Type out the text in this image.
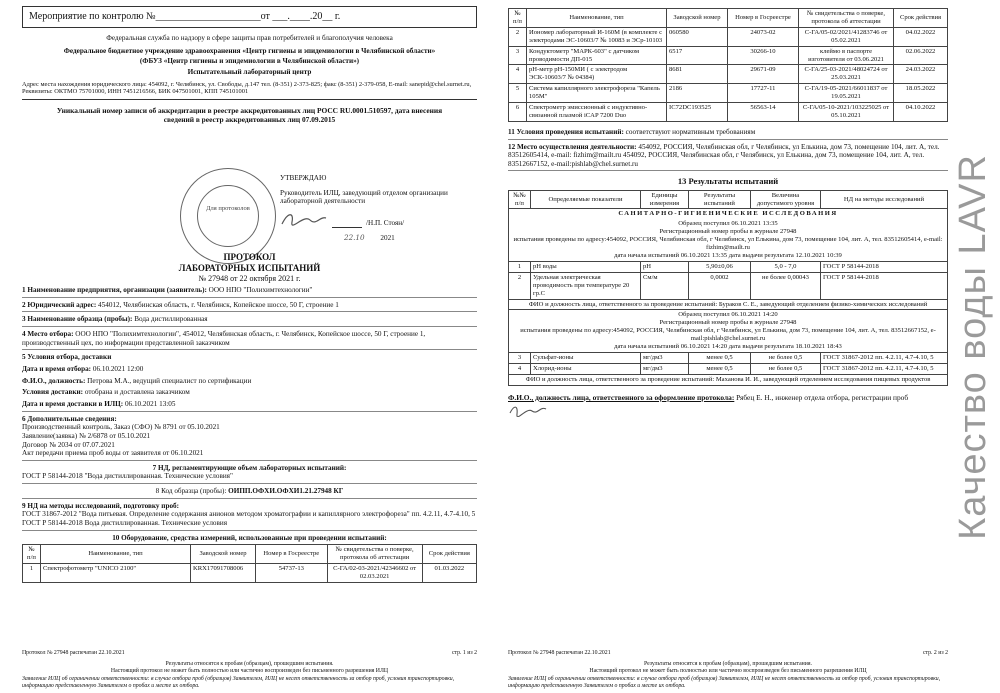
Мероприятие по контролю №_____________________от ___.____.20__ г.
Федеральная служба по надзору в сфере защиты прав потребителей и благополучия человека
Федеральное бюджетное учреждение здравоохранения «Центр гигиены и эпидемиологии в Челябинской области»
(ФБУЗ «Центр гигиены и эпидемиологии в Челябинской области»)
Испытательный лабораторный центр
Адрес места нахождения юридического лица: 454092, г. Челябинск, ул. Свободы, д.147 тел. (8-351) 2-373-825; факс (8-351) 2-379-058, E-mail: sanepid@chel.surnet.ru, Реквизиты: ОКТМО 75701000, ИНН 7451216566, БИК 047501001, КПП 745101001
Уникальный номер записи об аккредитации в реестре аккредитованных лиц РОСС RU.0001.510597, дата внесения сведений в реестр аккредитованных лиц 07.09.2015
Для протоколов
УТВЕРЖДАЮ
Руководитель ИЛЦ, заведующий отделом организации лабораторной деятельности
/Н.П. Стоян/
22.10 2021
ПРОТОКОЛ
ЛАБОРАТОРНЫХ ИСПЫТАНИЙ
№ 27948 от 22 октября 2021 г.
1 Наименование предприятия, организации (заявитель): ООО НПО "Полихимтехнологии"
2 Юридический адрес: 454012, Челябинская область, г. Челябинск, Копейское шоссе, 50 Г, строение 1
3 Наименование образца (пробы): Вода дистиллированная
4 Место отбора: ООО НПО "Полихимтехнологии", 454012, Челябинская область, г. Челябинск, Копейское шоссе, 50 Г, строение 1, производственный цех, по информации представленной заказчиком
5 Условия отбора, доставки
Дата и время отбора: 06.10.2021 12:00
Ф.И.О., должность: Петрова М.А., ведущий специалист по сертификации
Условия доставки: отобрана и доставлена заказчиком
Дата и время доставки в ИЛЦ: 06.10.2021 13:05
6 Дополнительные сведения:
Производственный контроль, Заказ (СФО) № 8791 от 05.10.2021
Заявление(заявка) № 2/6878 от 05.10.2021
Договор № 2034 от 07.07.2021
Акт передачи приема проб воды от заявителя от 06.10.2021
7 НД, регламентирующие объем лабораторных испытаний:
ГОСТ Р 58144-2018 "Вода дистиллированная. Технические условия"
8 Код образца (пробы): ОИПП.ОФХИ.ОФХИ1.21.27948 КГ
9 НД на методы исследований, подготовку проб:
ГОСТ 31867-2012 "Вода питьевая. Определение содержания анионов методом хроматографии и капиллярного электрофореза" пп. 4.2.11, 4.7-4.10, 5
ГОСТ Р 58144-2018 Вода дистиллированная. Технические условия
10 Оборудование, средства измерений, использованные при проведении испытаний:
№ п/п	Наименование, тип	Заводской номер	Номер в Госреестре	№ свидетельства о поверке, протокола об аттестации	Срок действия
1	Спектрофотометр "UNICO 2100"	KRX17091708006	54737-13	С-ГА/02-03-2021/42346602 от 02.03.2021	01.03.2022
Протокол № 27948 распечатан 22.10.2021	стр. 1 из 2
Результаты относятся к пробам (образцам), прошедшим испытания.
Настоящий протокол не может быть полностью или частично воспроизведен без письменного разрешения ИЛЦ
Заявление ИЛЦ об ограничении ответственности: в случае отбора проб (образцов) Заявителем, ИЛЦ не несет ответственность за отбор проб, условия транспортировки, информацию представленную Заявителем о пробах и месте их отбора.
№ п/п	Наименование, тип	Заводской номер	Номер в Госреестре	№ свидетельства о поверке, протокола об аттестации	Срок действия
2	Иономер лабораторный И-160М (в комплекте с электродами ЭС-10603/7 № 10083 и ЭСр-10103	060580	24073-02	С-ГА/05-02/2021/41283746 от 05.02.2021	04.02.2022
3	Кондуктометр "МАРК-603" с датчиком проводимости ДП-015	6517	30266-10	клеймо в паспорте изготовителя от 03.06.2021	02.06.2022
4	pH-метр pH-150МИ ( с электродом ЭСК-10603/7 № 04384)	8681	29671-09	С-ГА/25-03-2021/48024724 от 25.03.2021	24.03.2022
5	Система капиллярного электрофореза "Капель 105М"	2186	17727-11	С-ГА/19-05-2021/66011837 от 19.05.2021	18.05.2022
6	Спектрометр эмиссионный с индуктивно-связанной плазмой iCAP 7200 Duo	IC72DC193525	56563-14	С-ГА/05-10-2021/103225025 от 05.10.2021	04.10.2022
11 Условия проведения испытаний: соответствуют нормативным требованиям
12 Место осуществления деятельности: 454092, РОССИЯ, Челябинская обл, г Челябинск, ул Елькина, дом 73, помещение 104, лит. А, тел. 83512605414, e-mail: fizhim@mailt.ru 454092, РОССИЯ, Челябинская обл, г Челябинск, ул Елькина, дом 73, помещение 104, лит. А, тел. 83512667152, e-mail:pishlab@chel.surnet.ru
13 Результаты испытаний
№№ п/п	Определяемые показатели	Единицы измерения	Результаты испытаний	Величина допустимого уровня	НД на методы исследований
САНИТАРНО-ГИГИЕНИЧЕСКИЕ ИССЛЕДОВАНИЯ					

Образец поступил 06.10.2021 13:35
Регистрационный номер пробы в журнале 27948
испытания проведены по адресу:454092, РОССИЯ, Челябинская обл, г Челябинск, ул Елькина, дом 73, помещение 104, лит. А, тел. 83512605414, e-mail: fizhim@mailt.ru
дата начала испытаний 06.10.2021 13:35 дата выдачи результата 12.10.2021 10:39					

1	pH воды	pH	5,90±0,06	5,0 - 7,0	ГОСТ Р 58144-2018
2	Удельная электрическая проводимость при температуре 20 гр.С	См/м	0,0002	не более 0,00043	ГОСТ Р 58144-2018
ФИО и должность лица, ответственного за проведение испытаний: Бураков С. Е., заведующий отделением физико-химических исследований					

Образец поступил 06.10.2021 14:20
Регистрационный номер пробы в журнале 27948
испытания проведены по адресу:454092, РОССИЯ, Челябинская обл, г Челябинск, ул Елькина, дом 73, помещение 104, лит. А, тел. 83512667152, e-mail:pishlab@chel.surnet.ru
дата начала испытаний 06.10.2021 14:20 дата выдачи результата 18.10.2021 18:43					

3	Сульфат-ионы	мг/дм3	менее 0,5	не более 0,5	ГОСТ 31867-2012 пп. 4.2.11, 4.7-4.10, 5
4	Хлорид-ионы	мг/дм3	менее 0,5	не более 0,5	ГОСТ 31867-2012 пп. 4.2.11, 4.7-4.10, 5
ФИО и должность лица, ответственного за проведение испытаний: Маханова И. И., заведующий отделением исследования пищевых продуктов					
Ф.И.О., должность лица, ответственного за оформление протокола: Рябец Е. Н., инженер отдела отбора, регистрации проб
Протокол № 27948 распечатан 22.10.2021	стр. 2 из 2
Результаты относятся к пробам (образцам), прошедшим испытания.
Настоящий протокол не может быть полностью или частично воспроизведен без письменного разрешения ИЛЦ
Заявление ИЛЦ об ограничении ответственности: в случае отбора проб (образцов) Заявителем, ИЛЦ не несет ответственность за отбор проб, условия транспортировки, информацию представленную Заявителем о пробах и месте их отбора.
Качество воды LAVR
